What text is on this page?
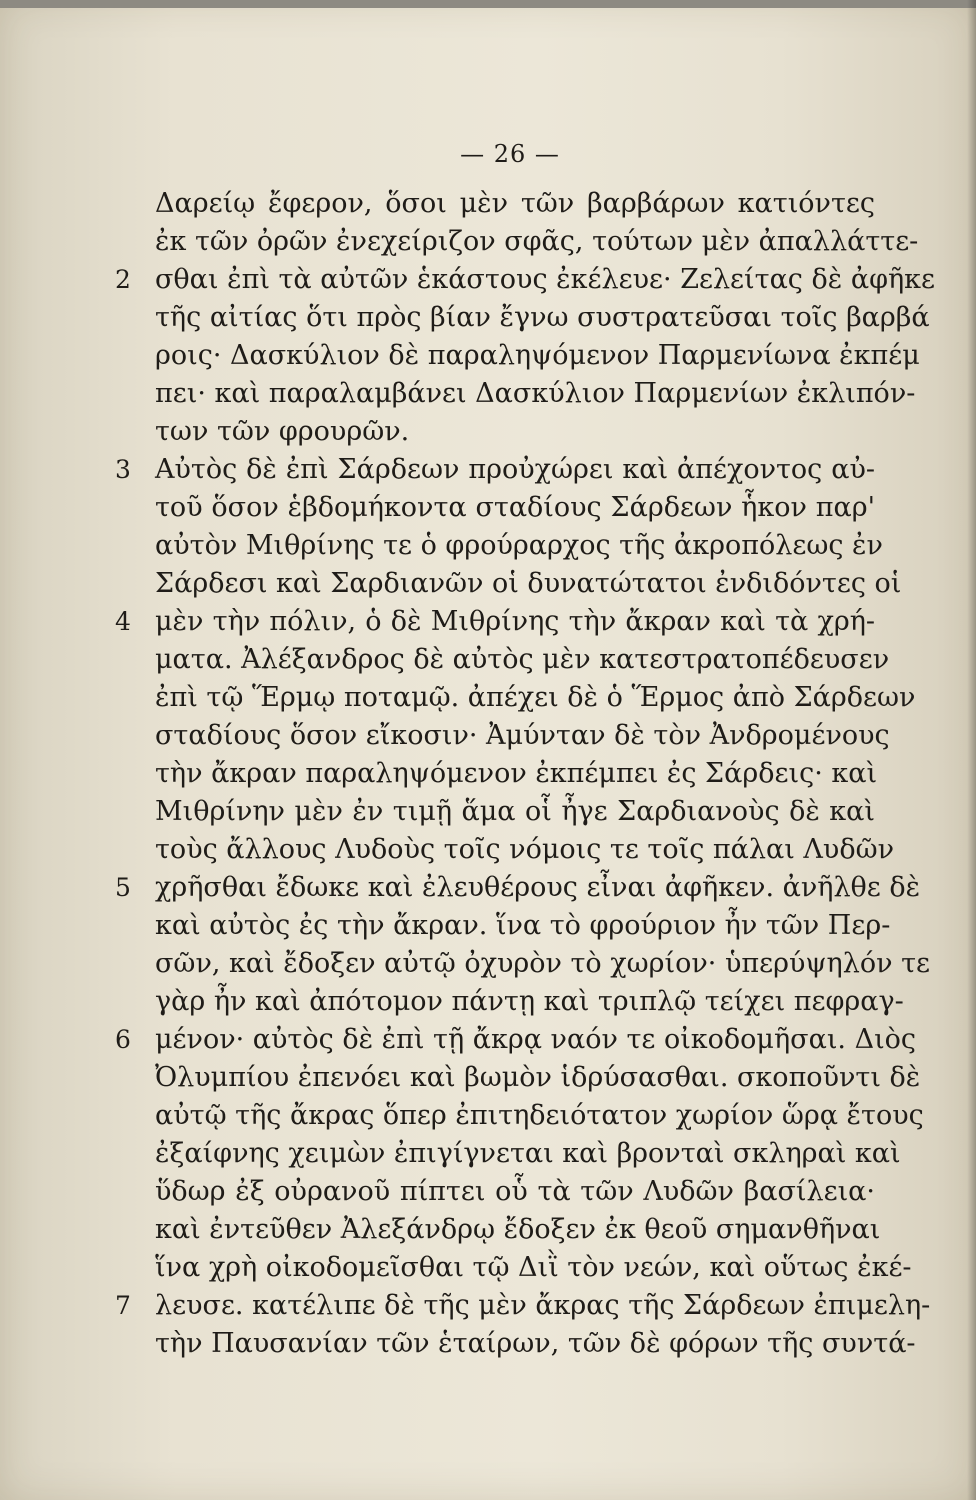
— 26 —
Δαρείῳ ἔφερον, ὅσοι μὲν τῶν βαρβάρων κατιόντες
ἐκ τῶν ὀρῶν ἐνεχείριζον σφᾶς, τούτων μὲν ἀπαλλάττε-
2 σθαι ἐπὶ τὰ αὐτῶν ἑκάστους ἐκέλευε· Ζελείτας δὲ ἀφῆκε
τῆς αἰτίας ὅτι πρὸς βίαν ἔγνω συστρατεῦσαι τοῖς βαρβά
ροις· Δασκύλιον δὲ παραληψόμενον Παρμενίωνα ἐκπέμ
πει· καὶ παραλαμβάνει Δασκύλιον Παρμενίων ἐκλιπόν-
των τῶν φρουρῶν.
3 Αὐτὸς δὲ ἐπὶ Σάρδεων προὐχώρει καὶ ἀπέχοντος αὐ-
τοῦ ὅσον ἑβδομήκοντα σταδίους Σάρδεων ἧκον παρ'
αὐτὸν Μιθρίνης τε ὁ φρούραρχος τῆς ἀκροπόλεως ἐν
Σάρδεσι καὶ Σαρδιανῶν οἱ δυνατώτατοι ἐνδιδόντες οἱ
4 μὲν τὴν πόλιν, ὁ δὲ Μιθρίνης τὴν ἄκραν καὶ τὰ χρή-
ματα. Ἀλέξανδρος δὲ αὐτὸς μὲν κατεστρατοπέδευσεν
ἐπὶ τῷ Ἕρμῳ ποταμῷ. ἀπέχει δὲ ὁ Ἕρμος ἀπὸ Σάρδεων
σταδίους ὅσον εἴκοσιν· Ἀμύνταν δὲ τὸν Ἀνδρομένους
τὴν ἄκραν παραληψόμενον ἐκπέμπει ἐς Σάρδεις· καὶ
Μιθρίνην μὲν ἐν τιμῇ ἅμα οἷ ἦγε Σαρδιανοὺς δὲ καὶ
τοὺς ἄλλους Λυδοὺς τοῖς νόμοις τε τοῖς πάλαι Λυδῶν
5 χρῆσθαι ἔδωκε καὶ ἐλευθέρους εἶναι ἀφῆκεν. ἀνῆλθε δὲ
καὶ αὐτὸς ἐς τὴν ἄκραν. ἵνα τὸ φρούριον ἦν τῶν Περ-
σῶν, καὶ ἔδοξεν αὐτῷ ὀχυρὸν τὸ χωρίον· ὑπερύψηλόν τε
γὰρ ἦν καὶ ἀπότομον πάντῃ καὶ τριπλῷ τείχει πεφραγ-
6 μένον· αὐτὸς δὲ ἐπὶ τῇ ἄκρᾳ ναόν τε οἰκοδομῆσαι. Διὸς
Ὀλυμπίου ἐπενόει καὶ βωμὸν ἱδρύσασθαι. σκοποῦντι δὲ
αὐτῷ τῆς ἄκρας ὅπερ ἐπιτηδειότατον χωρίον ὥρᾳ ἔτους
ἐξαίφνης χειμὼν ἐπιγίγνεται καὶ βρονταὶ σκληραὶ καὶ
ὕδωρ ἐξ οὐρανοῦ πίπτει οὗ τὰ τῶν Λυδῶν βασίλεια·
καὶ ἐντεῦθεν Ἀλεξάνδρῳ ἔδοξεν ἐκ θεοῦ σημανθῆναι
ἵνα χρὴ οἰκοδομεῖσθαι τῷ Διῒ τὸν νεών, καὶ οὕτως ἐκέ-
7 λευσε. κατέλιπε δὲ τῆς μὲν ἄκρας τῆς Σάρδεων ἐπιμελη-
τὴν Παυσανίαν τῶν ἑταίρων, τῶν δὲ φόρων τῆς συντά-
